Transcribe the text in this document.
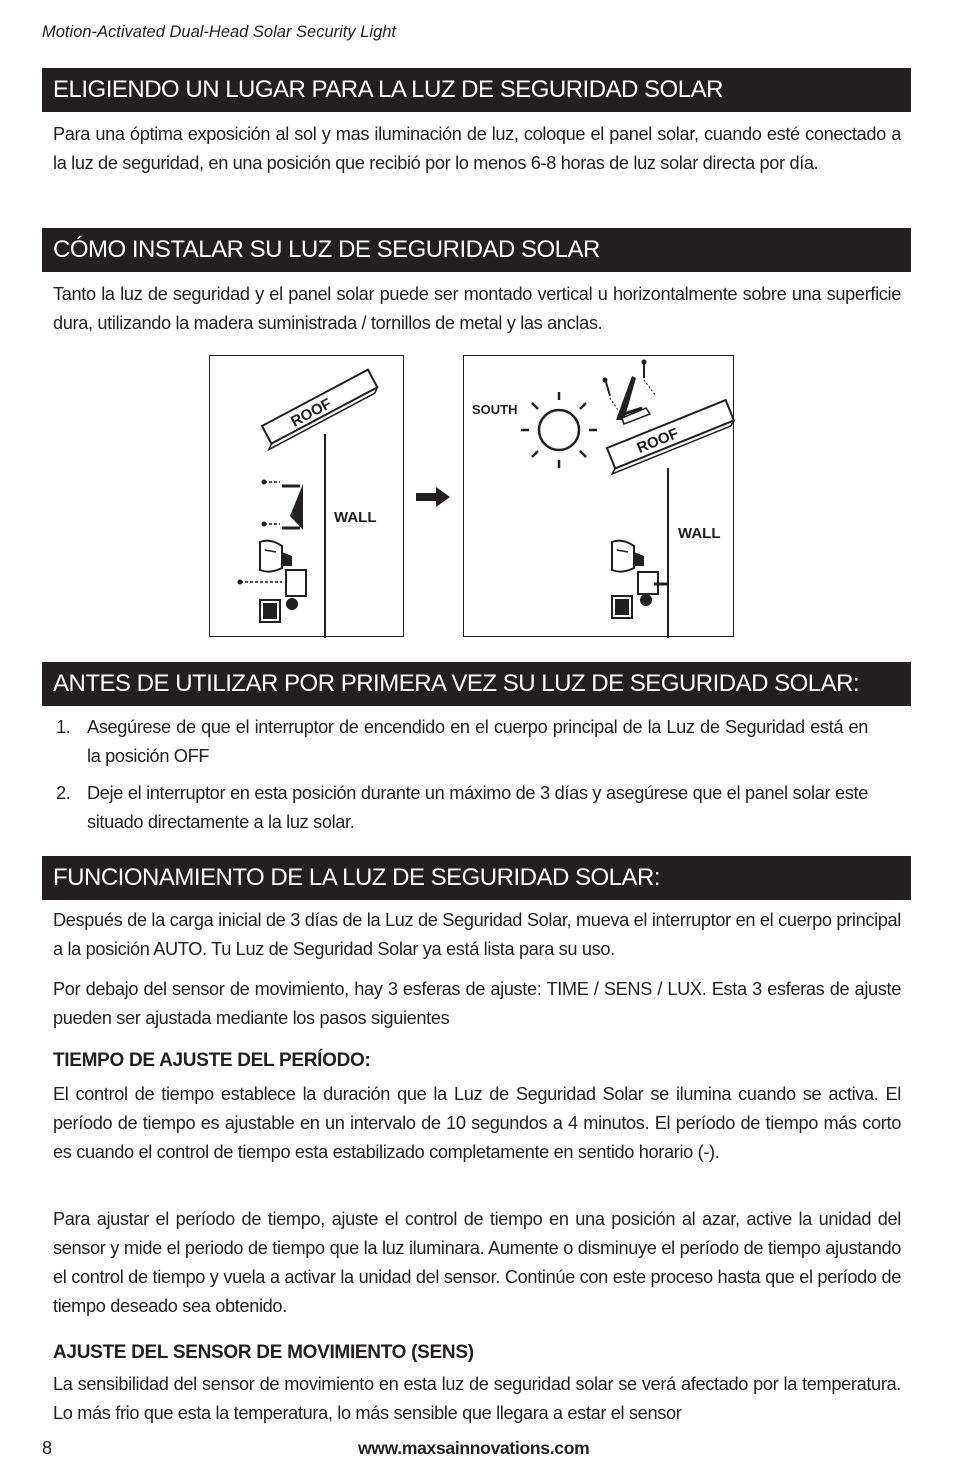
Motion-Activated Dual-Head Solar Security Light
ELIGIENDO UN LUGAR PARA LA LUZ DE SEGURIDAD SOLAR
Para una óptima exposición al sol y mas iluminación de luz, coloque el panel solar, cuando esté conectado a la luz de seguridad, en una posición que recibió por lo menos 6-8 horas de luz solar directa por día.
CÓMO INSTALAR SU LUZ DE SEGURIDAD SOLAR
Tanto la luz de seguridad y el panel solar puede ser montado vertical u horizontalmente sobre una superficie dura, utilizando la madera suministrada / tornillos de metal y las anclas.
ROOF
WALL
SOUTH
ROOF
WALL
ANTES DE UTILIZAR POR PRIMERA VEZ SU LUZ DE SEGURIDAD SOLAR:
1. Asegúrese de que el interruptor de encendido en el cuerpo principal de la Luz de Seguridad está en la posición OFF
2. Deje el interruptor en esta posición durante un máximo de 3 días y asegúrese que el panel solar este situado directamente a la luz solar.
FUNCIONAMIENTO DE LA LUZ DE SEGURIDAD SOLAR:
Después de la carga inicial de 3 días de la Luz de Seguridad Solar, mueva el interruptor en el cuerpo principal a la posición AUTO. Tu Luz de Seguridad Solar ya está lista para su uso.
Por debajo del sensor de movimiento, hay 3 esferas de ajuste: TIME / SENS / LUX. Esta 3 esferas de ajuste pueden ser ajustada mediante los pasos siguientes
TIEMPO DE AJUSTE DEL PERÍODO:
El control de tiempo establece la duración que la Luz de Seguridad Solar se ilumina cuando se activa. El período de tiempo es ajustable en un intervalo de 10 segundos a 4 minutos. El período de tiempo más corto es cuando el control de tiempo esta estabilizado completamente en sentido horario (-).
Para ajustar el período de tiempo, ajuste el control de tiempo en una posición al azar, active la unidad del sensor y mide el periodo de tiempo que la luz iluminara. Aumente o disminuye el período de tiempo ajustando el control de tiempo y vuela a activar la unidad del sensor. Continúe con este proceso hasta que el período de tiempo deseado sea obtenido.
AJUSTE DEL SENSOR DE MOVIMIENTO (SENS)
La sensibilidad del sensor de movimiento en esta luz de seguridad solar se verá afectado por la temperatura. Lo más frio que esta la temperatura, lo más sensible que llegara a estar el sensor
8	www.maxsainnovations.com
